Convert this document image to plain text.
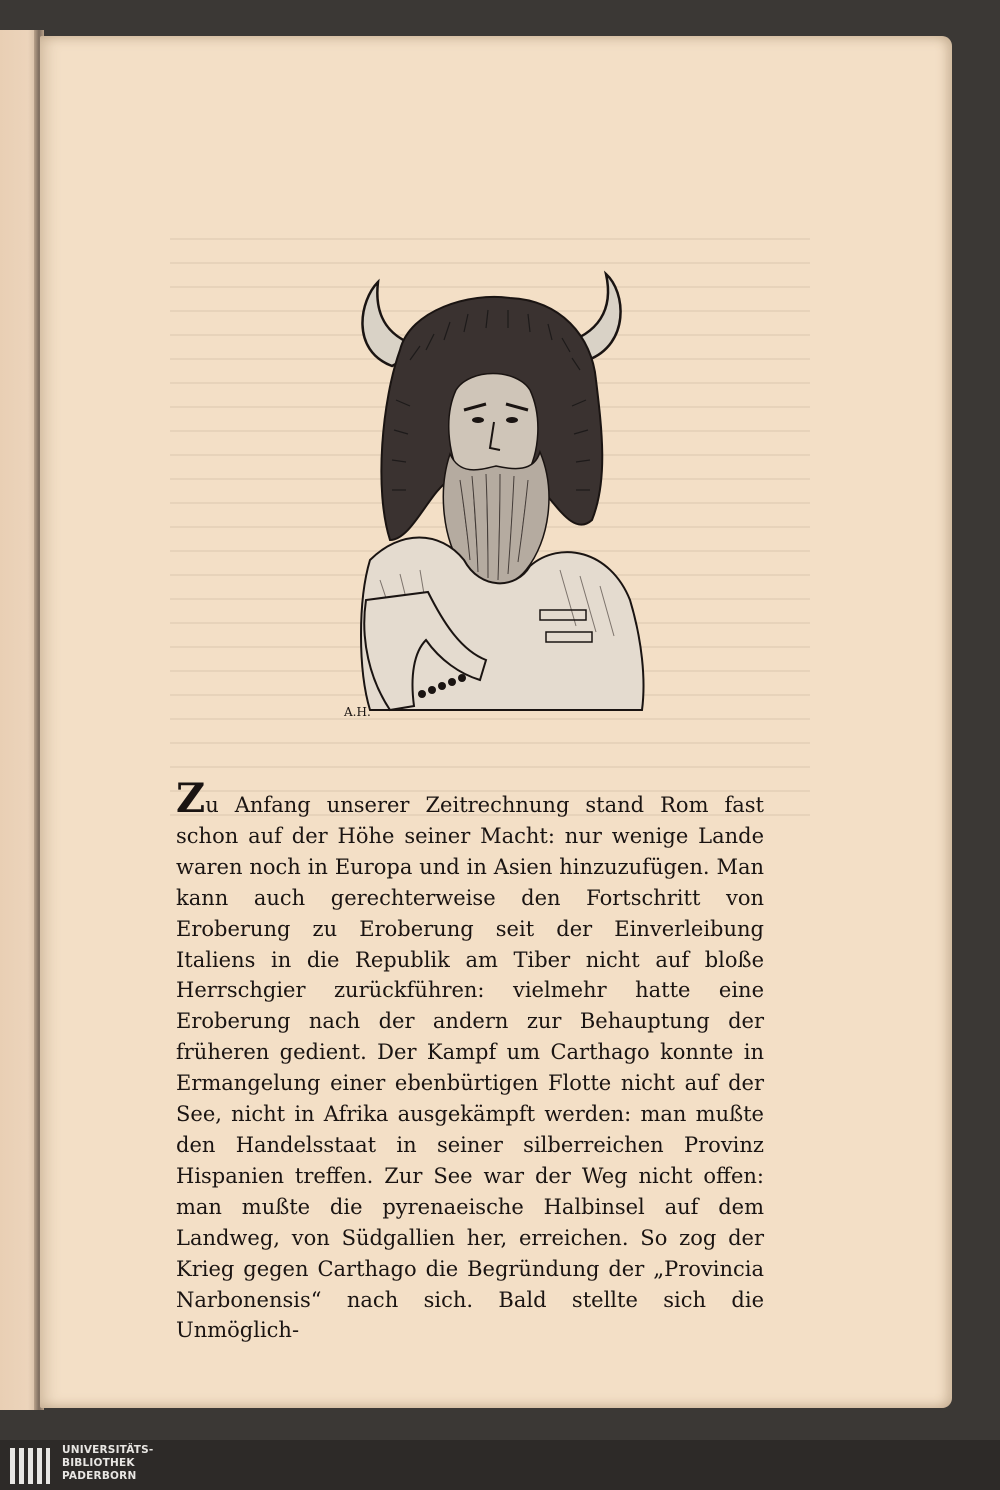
A.H.

Zu Anfang unserer Zeitrechnung stand Rom fast schon auf der Höhe seiner Macht: nur wenige Lande waren noch in Europa und in Asien hinzuzufügen. Man kann auch gerechterweise den Fortschritt von Eroberung zu Eroberung seit der Einverleibung Italiens in die Republik am Tiber nicht auf bloße Herrschgier zurückführen: vielmehr hatte eine Eroberung nach der andern zur Behauptung der früheren gedient. Der Kampf um Carthago konnte in Ermangelung einer ebenbürtigen Flotte nicht auf der See, nicht in Afrika ausgekämpft werden: man mußte den Handelsstaat in seiner silberreichen Provinz Hispanien treffen. Zur See war der Weg nicht offen: man mußte die pyrenaeische Halbinsel auf dem Landweg, von Südgallien her, erreichen. So zog der Krieg gegen Carthago die Begründung der „Provincia Narbonensis“ nach sich. Bald stellte sich die Unmöglich-

UNIVERSITÄTS-
BIBLIOTHEK
PADERBORN
